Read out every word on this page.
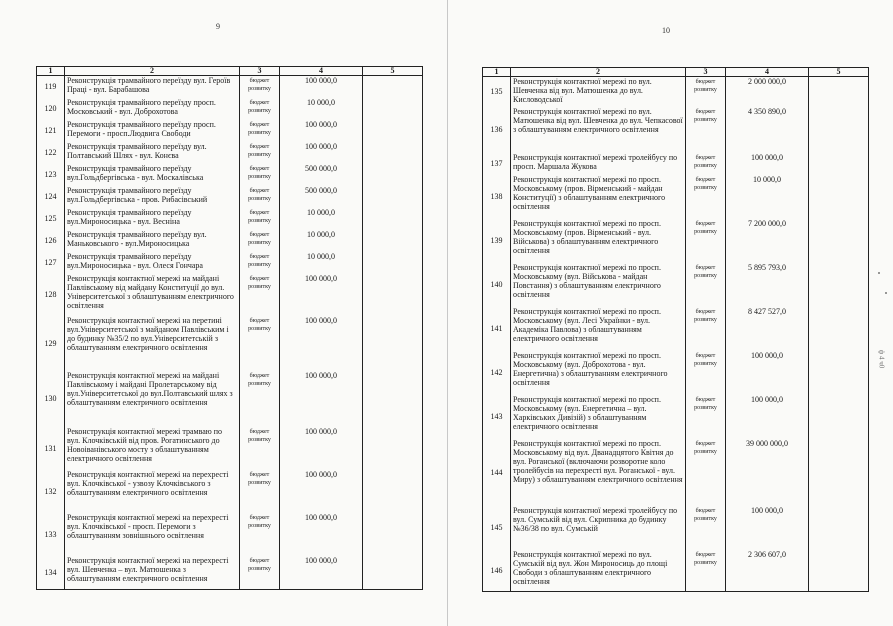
9
1	2	3	4	5
119	Реконструкція трамвайного переїзду вул. Героїв Праці - вул. Барабашова	бюджет розвитку	100 000,0	
120	Реконструкція трамвайного переїзду просп. Московський - вул. Доброхотова	бюджет розвитку	10 000,0	
121	Реконструкція трамвайного переїзду просп. Перемоги - просп.Людвига Свободи	бюджет розвитку	100 000,0	
122	Реконструкція трамвайного переїзду вул. Полтавський Шлях - вул. Конєва	бюджет розвитку	100 000,0	
123	Реконструкція трамвайного переїзду вул.Гольдбергівська - вул. Москалівська	бюджет розвитку	500 000,0	
124	Реконструкція трамвайного переїзду вул.Гольдбергівська - пров. Рибасівський	бюджет розвитку	500 000,0	
125	Реконструкція трамвайного переїзду вул.Мироносицька - вул. Весніна	бюджет розвитку	10 000,0	
126	Реконструкція трамвайного переїзду вул. Маньковського - вул.Мироносицька	бюджет розвитку	10 000,0	
127	Реконструкція трамвайного переїзду вул.Мироносицька - вул. Олеся Гончара	бюджет розвитку	10 000,0	
128	Реконструкція контактної мережі на майдані Павлівському від майдану Конституції до вул. Університетської з облаштуванням електричного освітлення	бюджет розвитку	100 000,0	
129	Реконструкція контактної мережі на перетині вул.Університетської з майданом Павлівським і до будинку №35/2 по вул.Університетській з облаштуванням електричного освітлення	бюджет розвитку	100 000,0	
130	Реконструкція контактної мережі на майдані Павлівському і майдані Пролетарському від вул.Університетської до вул.Полтавський шлях з облаштуванням електричного освітлення	бюджет розвитку	100 000,0	
131	Реконструкція контактної мережі трамваю по вул. Клочківській від пров. Рогатинського до Новоіванівського мосту з облаштуванням електричного освітлення	бюджет розвитку	100 000,0	
132	Реконструкція контактної мережі на перехресті вул. Клочківської - узвозу Клочківського з облаштуванням електричного освітлення	бюджет розвитку	100 000,0	
133	Реконструкція контактної мережі на перехресті вул. Клочківської - просп. Перемоги з облаштуванням зовнішнього освітлення	бюджет розвитку	100 000,0	
134	Реконструкція контактної мережі на перехресті вул. Шевченка – вул. Матюшенка з облаштуванням електричного освітлення	бюджет розвитку	100 000,0	
10
1	2	3	4	5
135	Реконструкція контактної мережі по вул. Шевченка від вул. Матюшенка до вул. Кисловодської	бюджет розвитку	2 000 000,0	
136	Реконструкція контактної мережі по вул. Матюшенка від вул. Шевченка до вул. Чепкасової з облаштуванням електричного освітлення	бюджет розвитку	4 350 890,0	
137	Реконструкція контактної мережі тролейбусу по просп. Маршала Жукова	бюджет розвитку	100 000,0	
138	Реконструкція контактної мережі по просп. Московському (пров. Вірменський - майдан Конституції) з облаштуванням електричного освітлення	бюджет розвитку	10 000,0	
139	Реконструкція контактної мережі по просп. Московському (пров. Вірменський - вул. Військова) з облаштуванням електричного освітлення	бюджет розвитку	7 200 000,0	
140	Реконструкція контактної мережі по просп. Московському (вул. Військова - майдан Повстання) з облаштуванням електричного освітлення	бюджет розвитку	5 895 793,0	
141	Реконструкція контактної мережі по просп. Московському (вул. Лесі Українки - вул. Академіка Павлова) з облаштуванням електричного освітлення	бюджет розвитку	8 427 527,0	
142	Реконструкція контактної мережі по просп. Московському (вул. Доброхотова - вул. Енергетична) з облаштуванням електричного освітлення	бюджет розвитку	100 000,0	
143	Реконструкція контактної мережі по просп. Московському (вул. Енергетична – вул. Харківських Дивізій) з облаштуванням електричного освітлення	бюджет розвитку	100 000,0	
144	Реконструкція контактної мережі по просп. Московському від вул. Дванадцятого Квітня до вул. Роганської (включаючи розворотне коло тролейбусів на перехресті вул. Роганської - вул. Миру) з облаштуванням електричного освітлення	бюджет розвитку	39 000 000,0	
145	Реконструкція контактної мережі тролейбусу по вул. Сумській від вул. Скрипника до будинку №36/38 по вул. Сумській	бюджет розвитку	100 000,0	
146	Реконструкція контактної мережі по вул. Сумській від вул. Жон Мироносиць до площі Свободи з облаштуванням електричного освітлення	бюджет розвитку	2 306 607,0	
ф 4 ч0
